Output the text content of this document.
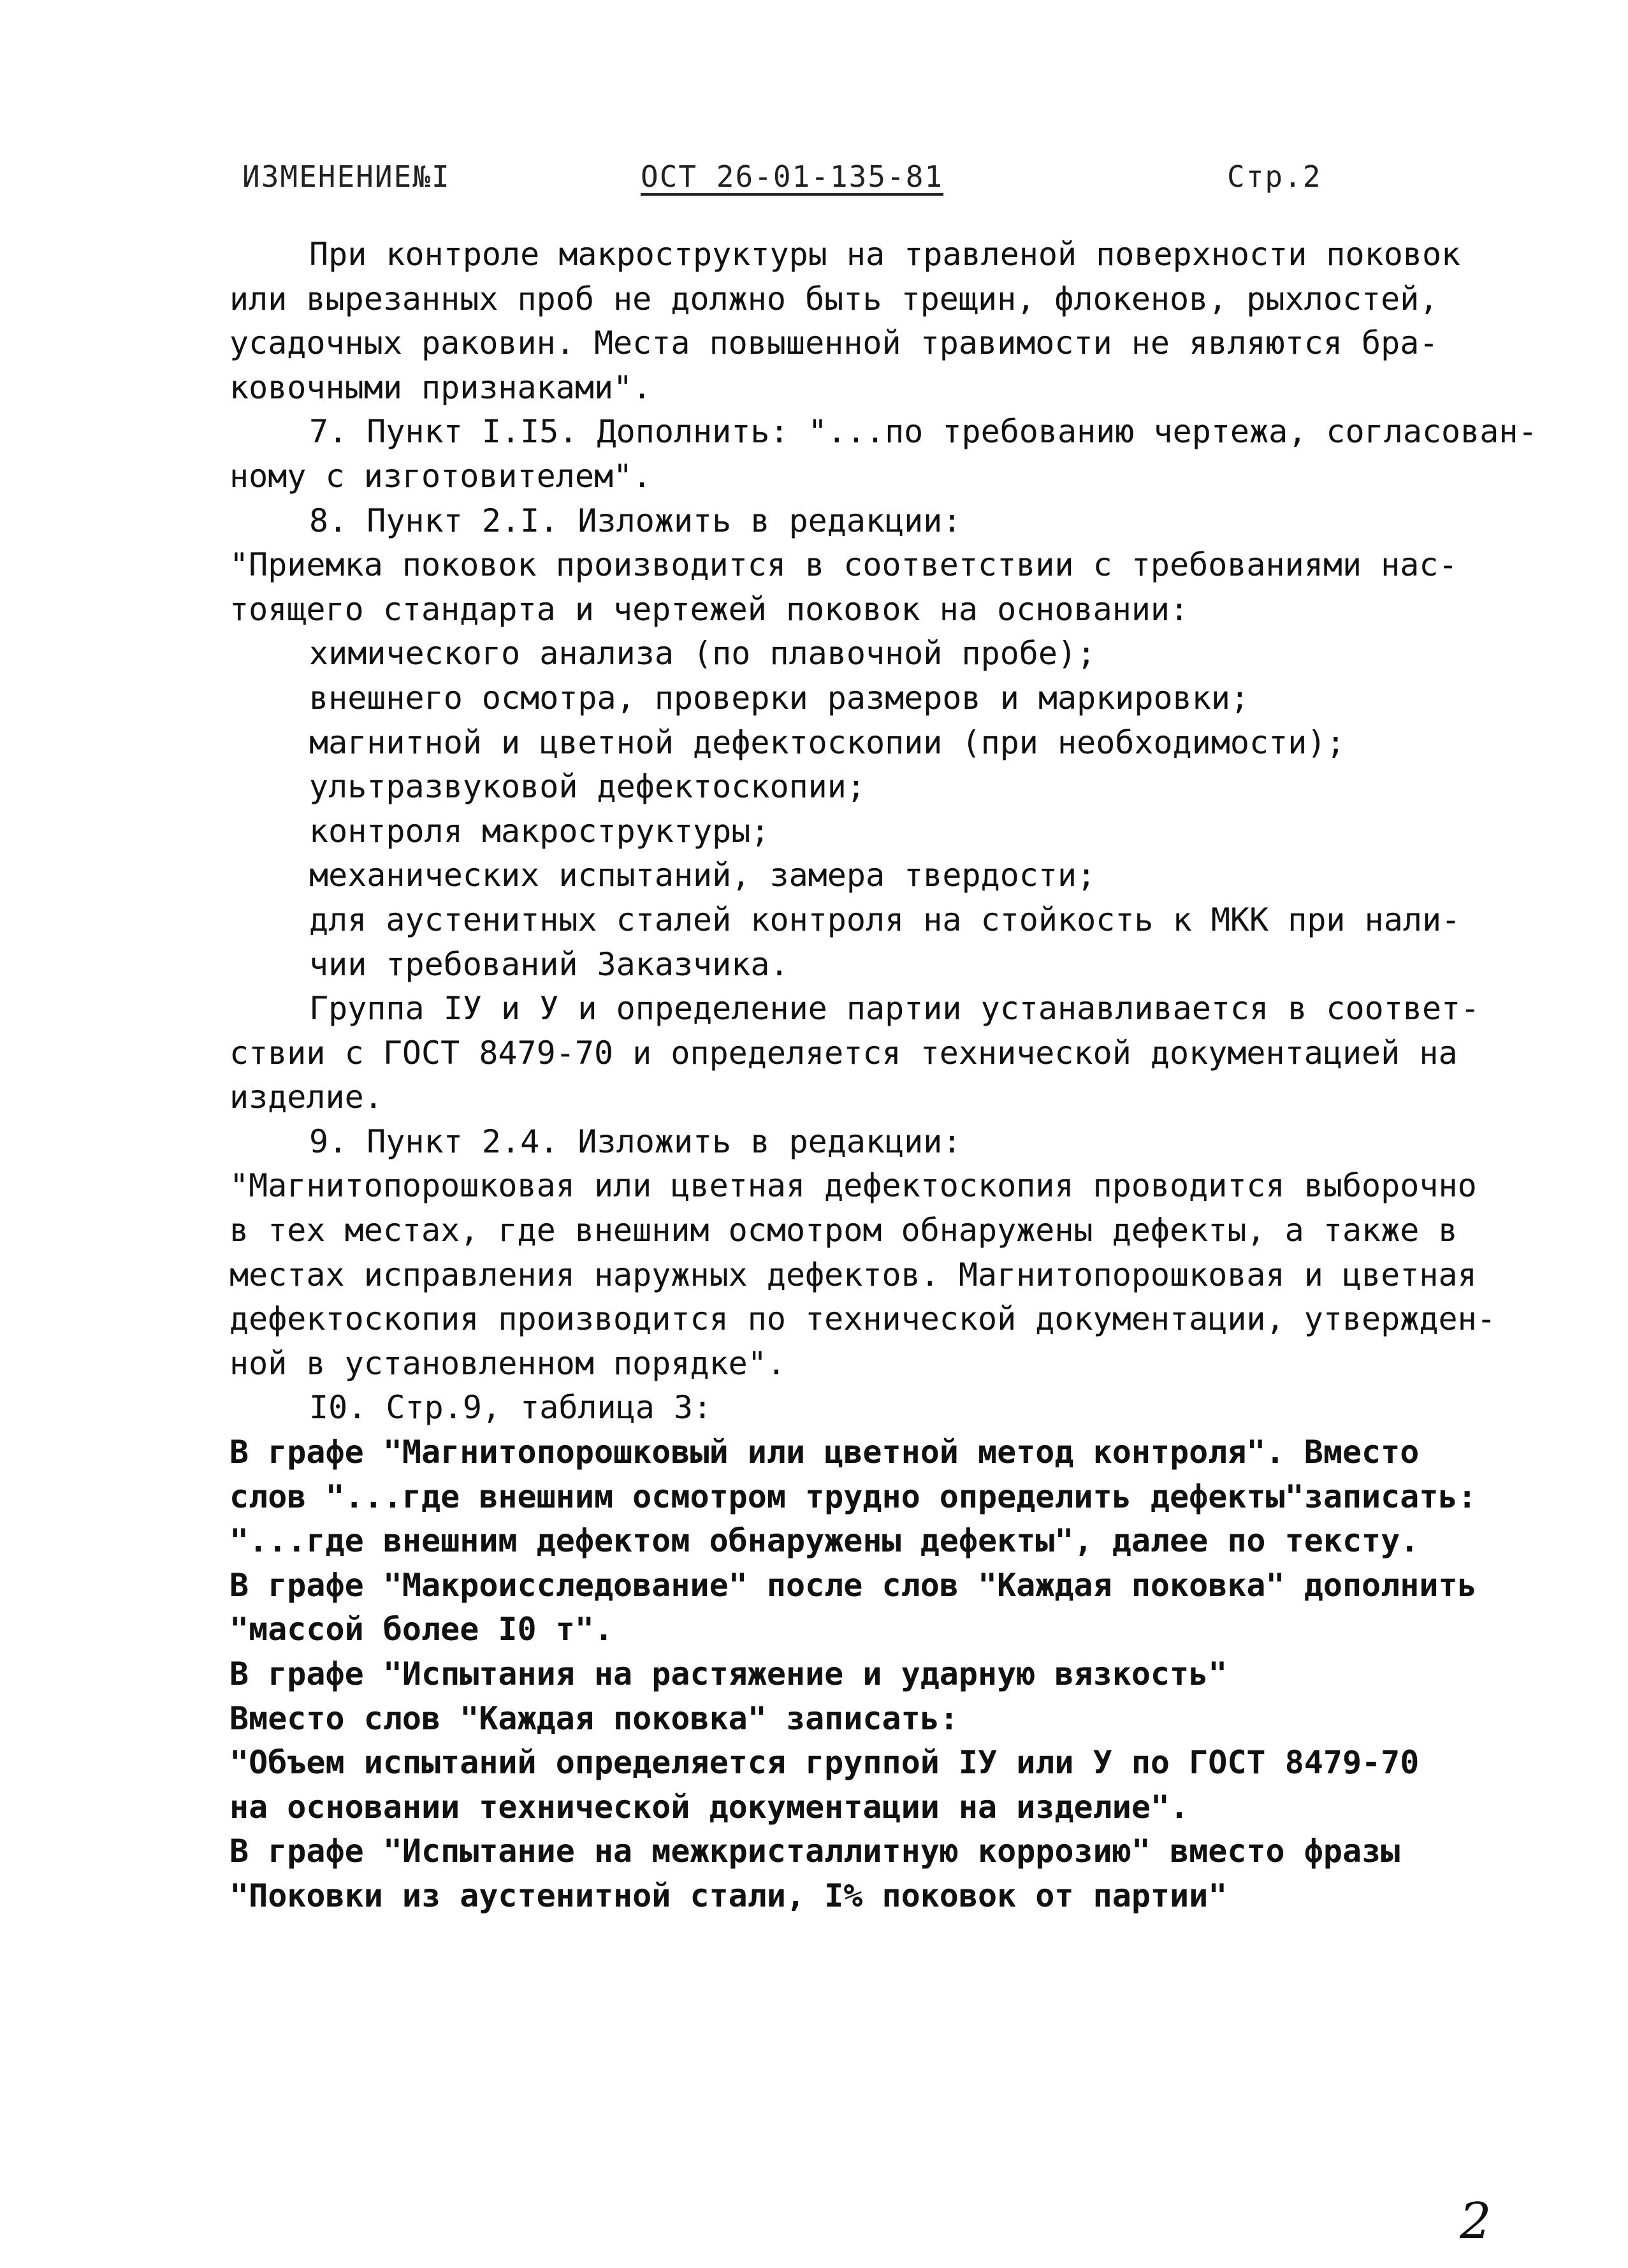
ИЗМЕНЕНИЕ№I	ОСТ 26-01-135-81	Стр.2
При контроле макроструктуры на травленой поверхности поковок
или вырезанных проб не должно быть трещин, флокенов, рыхлостей,
усадочных раковин. Места повышенной травимости не являются бра-
ковочными признаками".
7. Пункт I.I5. Дополнить: "...по требованию чертежа, согласован-
ному с изготовителем".
8. Пункт 2.I. Изложить в редакции:
"Приемка поковок производится в соответствии с требованиями нас-
тоящего стандарта и чертежей поковок на основании:
химического анализа (по плавочной пробе);
внешнего осмотра, проверки размеров и маркировки;
магнитной и цветной дефектоскопии (при необходимости);
ультразвуковой дефектоскопии;
контроля макроструктуры;
механических испытаний, замера твердости;
для аустенитных сталей контроля на стойкость к МКК при нали-
чии требований Заказчика.
Группа IУ и У и определение партии устанавливается в соответ-
ствии с ГОСТ 8479-70 и определяется технической документацией на
изделие.
9. Пункт 2.4. Изложить в редакции:
"Магнитопорошковая или цветная дефектоскопия проводится выборочно
в тех местах, где внешним осмотром обнаружены дефекты, а также в
местах исправления наружных дефектов. Магнитопорошковая и цветная
дефектоскопия производится по технической документации, утвержден-
ной в установленном порядке".
I0. Стр.9, таблица 3:
В графе "Магнитопорошковый или цветной метод контроля". Вместо
слов "...где внешним осмотром трудно определить дефекты"записать:
"...где внешним дефектом обнаружены дефекты", далее по тексту.
В графе "Макроисследование" после слов "Каждая поковка" дополнить
"массой более I0 т".
В графе "Испытания на растяжение и ударную вязкость"
Вместо слов "Каждая поковка" записать:
"Объем испытаний определяется группой IУ или У по ГОСТ 8479-70
на основании технической документации на изделие".
В графе "Испытание на межкристаллитную коррозию" вместо фразы
"Поковки из аустенитной стали, I% поковок от партии"
2
